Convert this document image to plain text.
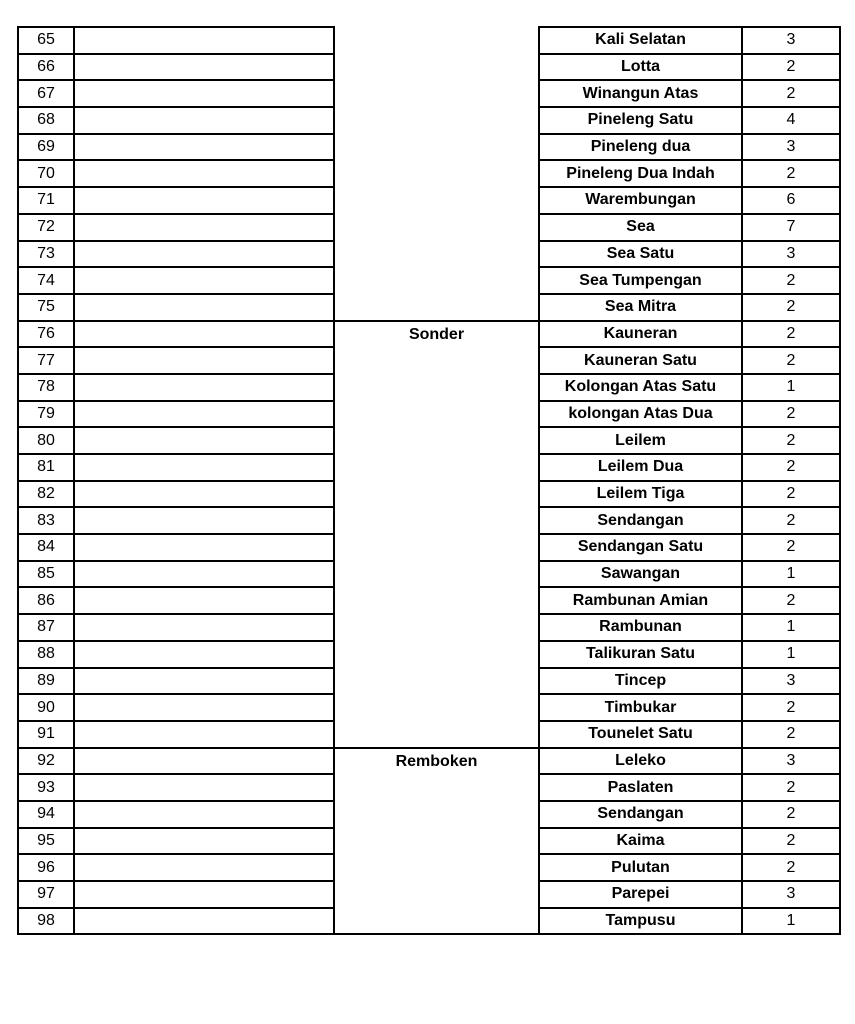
65			Kali Selatan	3
66			Lotta	2
67			Winangun Atas	2
68			Pineleng Satu	4
69			Pineleng dua	3
70			Pineleng Dua Indah	2
71			Warembungan	6
72			Sea	7
73			Sea Satu	3
74			Sea Tumpengan	2
75			Sea Mitra	2
76		Sonder	Kauneran	2
77			Kauneran Satu	2
78			Kolongan Atas Satu	1
79			kolongan Atas Dua	2
80			Leilem	2
81			Leilem Dua	2
82			Leilem Tiga	2
83			Sendangan	2
84			Sendangan Satu	2
85			Sawangan	1
86			Rambunan Amian	2
87			Rambunan	1
88			Talikuran Satu	1
89			Tincep	3
90			Timbukar	2
91			Tounelet Satu	2
92		Remboken	Leleko	3
93			Paslaten	2
94			Sendangan	2
95			Kaima	2
96			Pulutan	2
97			Parepei	3
98			Tampusu	1
